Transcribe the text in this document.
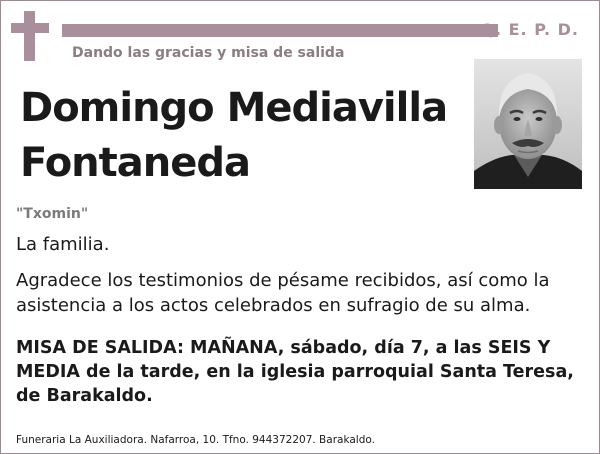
Q. E. P. D.
Dando las gracias y misa de salida
Domingo Mediavilla Fontaneda
"Txomin"
La familia.
Agradece los testimonios de pésame recibidos, así como la asistencia a los actos celebrados en sufragio de su alma.
MISA DE SALIDA: MAÑANA, sábado, día 7, a las SEIS Y MEDIA de la tarde, en la iglesia parroquial Santa Teresa, de Barakaldo.
Funeraria La Auxiliadora. Nafarroa, 10. Tfno. 944372207. Barakaldo.
